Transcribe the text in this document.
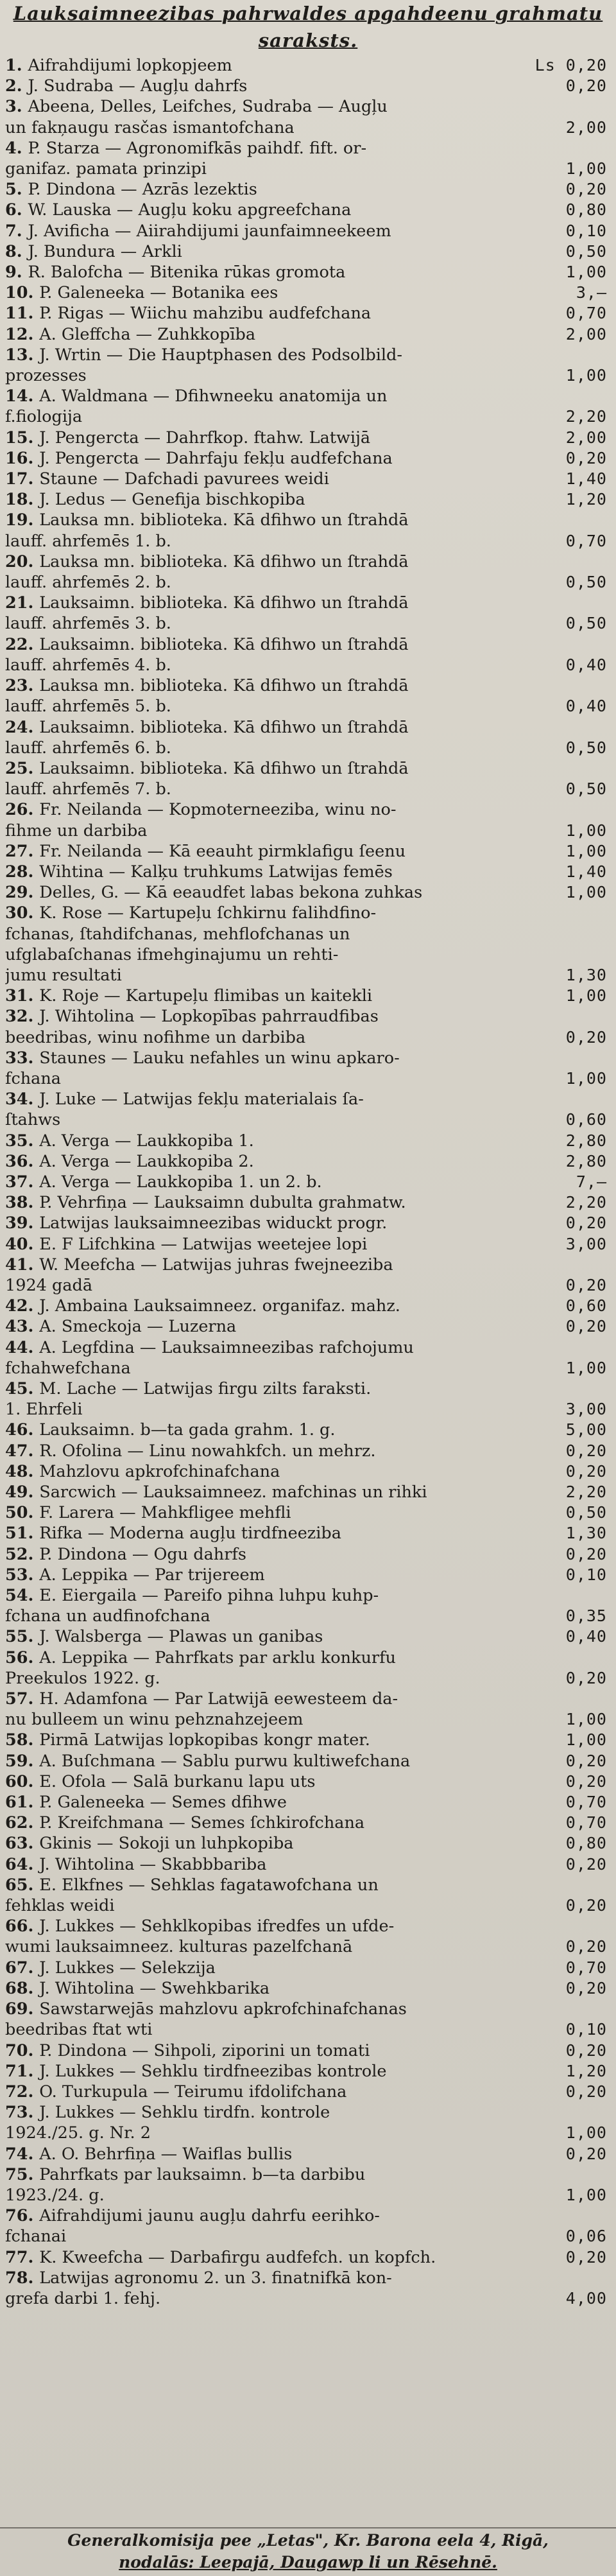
Lauksaimneezibas pahrwaldes apgahdeenu grahmatu saraksts.
1. Aifrahdijumi lopkopjeem	Ls 0,20
2. J. Sudraba — Augļu dahrfs	0,20
3. Abeena, Delles, Leifches, Sudraba — Augļu
un fakņaugu rasčas ismantofchana	2,00
4. P. Starza — Agronomifkās paihdf. fift. or-
ganifaz. pamata prinzipi	1,00
5. P. Dindona — Azrās lezektis	0,20
6. W. Lauska — Augļu koku apgreefchana	0,80
7. J. Avificha — Aiirahdijumi jaunfaimneekeem	0,10
8. J. Bundura — Arkli	0,50
9. R. Balofcha — Bitenika rūkas gromota	1,00
10. P. Galeneeka — Botanika ees	3,—
11. P. Rigas — Wiichu mahzibu audfefchana	0,70
12. A. Gleffcha — Zuhkkopība	2,00
13. J. Wrtin — Die Hauptphasen des Podsolbild-
prozesses	1,00
14. A. Waldmana — Dfihwneeku anatomija un
f.fiologija	2,20
15. J. Pengercta — Dahrfkop. ftahw. Latwijā	2,00
16. J. Pengercta — Dahrfaju fekļu audfefchana	0,20
17. Staune — Dafchadi pavurees weidi	1,40
18. J. Ledus — Genefija bischkopiba	1,20
19. Lauksa mn. biblioteka. Kā dfihwo un ſtrahdā
lauff. ahrfemēs 1. b.	0,70
20. Lauksa mn. biblioteka. Kā dfihwo un ſtrahdā
lauff. ahrfemēs 2. b.	0,50
21. Lauksaimn. biblioteka. Kā dfihwo un ſtrahdā
lauff. ahrfemēs 3. b.	0,50
22. Lauksaimn. biblioteka. Kā dfihwo un ſtrahdā
lauff. ahrfemēs 4. b.	0,40
23. Lauksa mn. biblioteka. Kā dfihwo un ſtrahdā
lauff. ahrfemēs 5. b.	0,40
24. Lauksaimn. biblioteka. Kā dfihwo un ſtrahdā
lauff. ahrfemēs 6. b.	0,50
25. Lauksaimn. biblioteka. Kā dfihwo un ſtrahdā
lauff. ahrfemēs 7. b.	0,50
26. Fr. Neilanda — Kopmoterneeziba, winu no-
fihme un darbiba	1,00
27. Fr. Neilanda — Kā eeauht pirmklafigu ſeenu	1,00
28. Wihtina — Kalķu truhkums Latwijas femēs	1,40
29. Delles, G. — Kā eeaudfet labas bekona zuhkas	1,00
30. K. Rose — Kartupeļu ſchkirnu falihdfino-
fchanas, ſtahdifchanas, mehflofchanas un
ufglabaſchanas ifmehginajumu un rehti-
jumu resultati	1,30
31. K. Roje — Kartupeļu flimibas un kaitekli	1,00
32. J. Wihtolina — Lopkopības pahrraudfibas
beedribas, winu nofihme un darbiba	0,20
33. Staunes — Lauku nefahles un winu apkaro-
fchana	1,00
34. J. Luke — Latwijas fekļu materialais ſa-
ſtahws	0,60
35. A. Verga — Laukkopiba 1.	2,80
36. A. Verga — Laukkopiba 2.	2,80
37. A. Verga — Laukkopiba 1. un 2. b.	7,—
38. P. Vehrfiņa — Lauksaimn dubulta grahmatw.	2,20
39. Latwijas lauksaimneezibas widuckt progr.	0,20
40. E. F Lifchkina — Latwijas weetejee lopi	3,00
41. W. Meefcha — Latwijas juhras fwejneeziba
1924 gadā	0,20
42. J. Ambaina Lauksaimneez. organifaz. mahz.	0,60
43. A. Smeckoja — Luzerna	0,20
44. A. Legfdina — Lauksaimneezibas rafchojumu
fchahwefchana	1,00
45. M. Lache — Latwijas firgu zilts faraksti.
1. Ehrfeli	3,00
46. Lauksaimn. b—ta gada grahm. 1. g.	5,00
47. R. Ofolina — Linu nowahkfch. un mehrz.	0,20
48. Mahzlovu apkrofchinafchana	0,20
49. Sarcwich — Lauksaimneez. mafchinas un rihki	2,20
50. F. Larera — Mahkfligee mehfli	0,50
51. Rifka — Moderna augļu tirdfneeziba	1,30
52. P. Dindona — Ogu dahrfs	0,20
53. A. Leppika — Par trijereem	0,10
54. E. Eiergaila — Pareifo pihna luhpu kuhp-
fchana un audfinofchana	0,35
55. J. Walsberga — Plawas un ganibas	0,40
56. A. Leppika — Pahrfkats par arklu konkurfu
Preekulos 1922. g.	0,20
57. H. Adamfona — Par Latwijā eewesteem da-
nu bulleem un winu pehznahzejeem	1,00
58. Pirmā Latwijas lopkopibas kongr mater.	1,00
59. A. Buſchmana — Sablu purwu kultiwefchana	0,20
60. E. Ofola — Salā burkanu lapu uts	0,20
61. P. Galeneeka — Semes dfihwe	0,70
62. P. Kreifchmana — Semes ſchkirofchana	0,70
63. Gkinis — Sokoji un luhpkopiba	0,80
64. J. Wihtolina — Skabbbariba	0,20
65. E. Elkfnes — Sehklas fagatawofchana un
fehklas weidi	0,20
66. J. Lukkes — Sehklkopibas ifredfes un ufde-
wumi lauksaimneez. kulturas pazelfchanā	0,20
67. J. Lukkes — Selekzija	0,70
68. J. Wihtolina — Swehkbarika	0,20
69. Sawstarwejās mahzlovu apkrofchinafchanas
beedribas ftat wti	0,10
70. P. Dindona — Sihpoli, ziporini un tomati	0,20
71. J. Lukkes — Sehklu tirdfneezibas kontrole	1,20
72. O. Turkupula — Teirumu ifdolifchana	0,20
73. J. Lukkes — Sehklu tirdfn. kontrole
1924./25. g. Nr. 2	1,00
74. A. O. Behrfiņa — Waiflas bullis	0,20
75. Pahrfkats par lauksaimn. b—ta darbibu
1923./24. g.	1,00
76. Aifrahdijumi jaunu augļu dahrfu eerihko-
fchanai	0,06
77. K. Kweefcha — Darbafirgu audfefch. un kopfch.	0,20
78. Latwijas agronomu 2. un 3. finatnifkā kon-
grefa darbi 1. fehj.	4,00
Generalkomisija pee „Letas", Kr. Barona eela 4, Rigā,
nodalās: Leepajā, Daugawp li un Rēsehnē.
